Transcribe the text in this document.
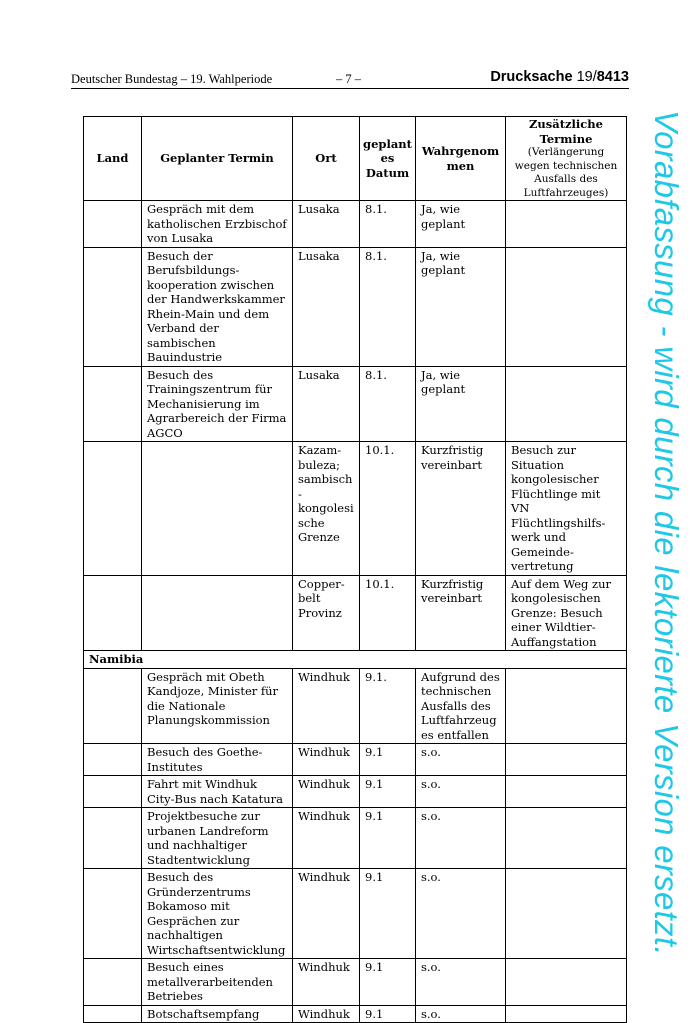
Deutscher Bundestag – 19. Wahlperiode	– 7 –	Drucksache 19/8413
Land	Geplanter Termin	Ort	geplant es Datum	Wahrgenom men	Zusätzliche Termine
(Verlängerung wegen technischen Ausfalls des Luftfahrzeuges)

	Gespräch mit dem katholischen Erzbischof von Lusaka	Lusaka	8.1.	Ja, wie geplant	
	Besuch der Berufsbildungs-kooperation zwischen der Handwerkskammer Rhein-Main und dem Verband der sambischen Bauindustrie	Lusaka	8.1.	Ja, wie geplant	
	Besuch des Trainingszentrum für Mechanisierung im Agrarbereich der Firma AGCO	Lusaka	8.1.	Ja, wie geplant	
		Kazam-buleza; sambisch-kongolesi sche Grenze	10.1.	Kurzfristig vereinbart	Besuch zur Situation kongolesischer Flüchtlinge mit VN Flüchtlingshilfs-werk und Gemeinde-vertretung
		Copper-belt Provinz	10.1.	Kurzfristig vereinbart	Auf dem Weg zur kongolesischen Grenze: Besuch einer Wildtier-Auffangstation
Namibia					
	Gespräch mit Obeth Kandjoze, Minister für die Nationale Planungskommission	Windhuk	9.1.	Aufgrund des technischen Ausfalls des Luftfahrzeuges entfallen	
	Besuch des Goethe-Institutes	Windhuk	9.1	s.o.	
	Fahrt mit Windhuk City-Bus nach Katatura	Windhuk	9.1	s.o.	
	Projektbesuche zur urbanen Landreform und nachhaltiger Stadtentwicklung	Windhuk	9.1	s.o.	
	Besuch des Gründerzentrums Bokamoso mit Gesprächen zur nachhaltigen Wirtschaftsentwicklung	Windhuk	9.1	s.o.	
	Besuch eines metallverarbeitenden Betriebes	Windhuk	9.1	s.o.	
	Botschaftsempfang	Windhuk	9.1	s.o.	
Vorabfassung - wird durch die lektorierte Version ersetzt.
